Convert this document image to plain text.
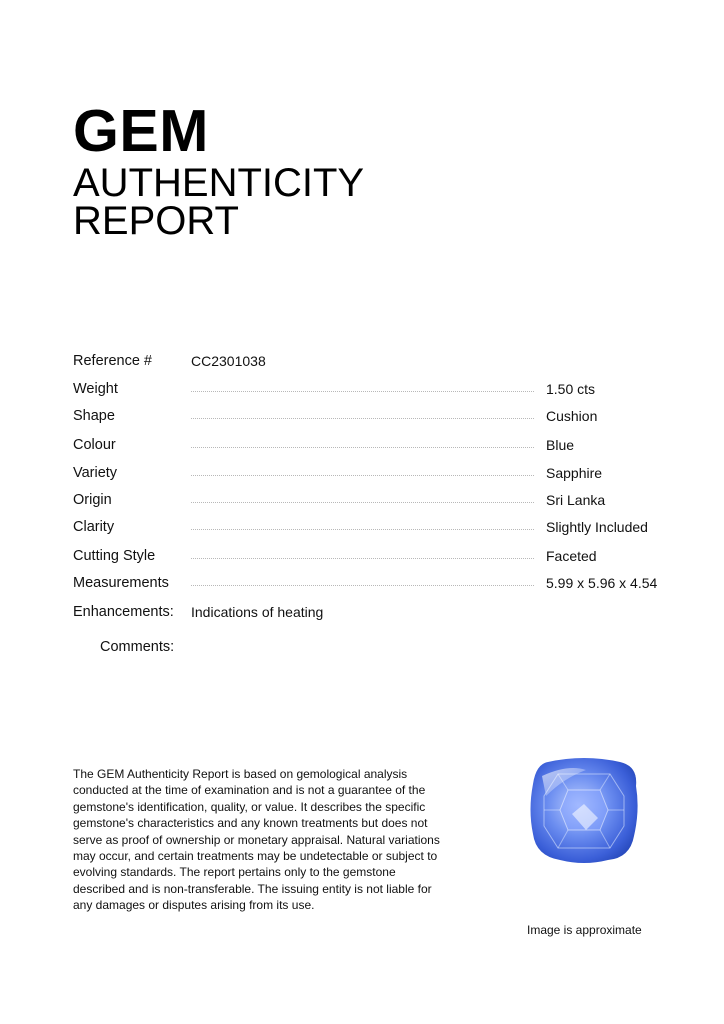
GEM
AUTHENTICITY
REPORT
Reference #	CC2301038
Weight	1.50 cts
Shape	Cushion
Colour	Blue
Variety	Sapphire
Origin	Sri Lanka
Clarity	Slightly Included
Cutting Style	Faceted
Measurements	5.99 x 5.96 x 4.54
Enhancements: Indications of heating
Comments:
The GEM Authenticity Report is based on gemological analysis conducted at the time of examination and is not a guarantee of the gemstone's identification, quality, or value. It describes the specific gemstone's characteristics and any known treatments but does not serve as proof of ownership or monetary appraisal. Natural variations may occur, and certain treatments may be undetectable or subject to evolving standards. The report pertains only to the gemstone described and is non-transferable. The issuing entity is not liable for any damages or disputes arising from its use.
Image is approximate
